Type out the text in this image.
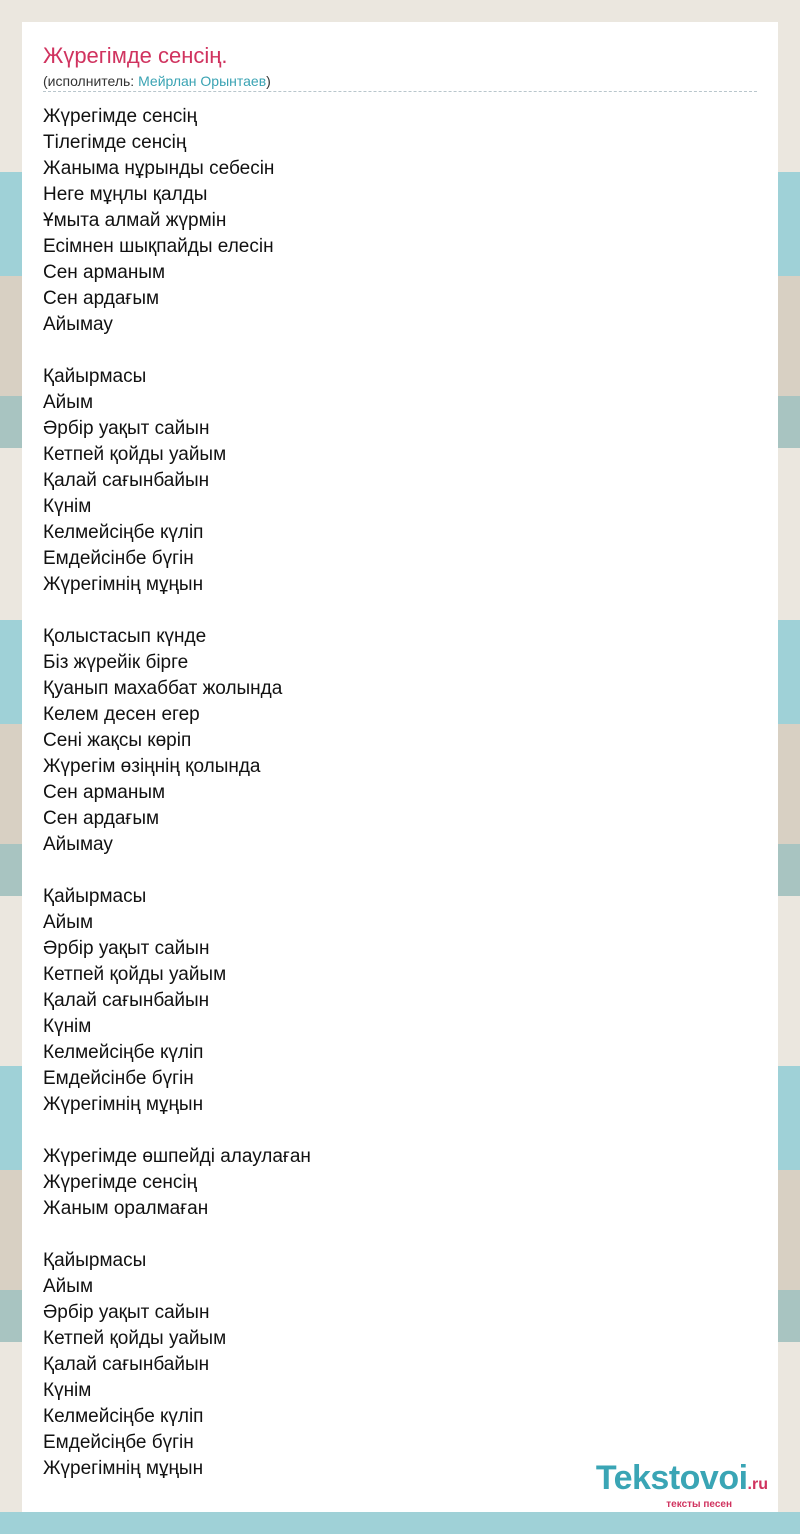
Жүрегімде сенсің.
(исполнитель: Мейрлан Орынтаев)
Жүрегімде сенсің
Тілегімде сенсің
Жаныма нұрынды себесін
Неге мұңлы қалды
Ұмыта алмай жүрмін
Есімнен шықпайды елесін
Сен арманым
Сен ардағым
Айымау
Қайырмасы
Айым
Әрбір уақыт сайын
Кетпей қойды уайым
Қалай сағынбайын
Күнім
Келмейсіңбе күліп
Емдейсінбе бүгін
Жүрегімнің мұңын
Қолыстасып күнде
Біз жүрейік бірге
Қуанып махаббат жолында
Келем десен егер
Сені жақсы көріп
Жүрегім өзіңнің қолында
Сен арманым
Сен ардағым
Айымау
Қайырмасы
Айым
Әрбір уақыт сайын
Кетпей қойды уайым
Қалай сағынбайын
Күнім
Келмейсіңбе күліп
Емдейсінбе бүгін
Жүрегімнің мұңын
Жүрегімде өшпейді алаулаған
Жүрегімде сенсің
Жаным оралмаған
Қайырмасы
Айым
Әрбір уақыт сайын
Кетпей қойды уайым
Қалай сағынбайын
Күнім
Келмейсіңбе күліп
Емдейсіңбе бүгін
Жүрегімнің мұңын	Tekstovoi.ru
тексты песен
